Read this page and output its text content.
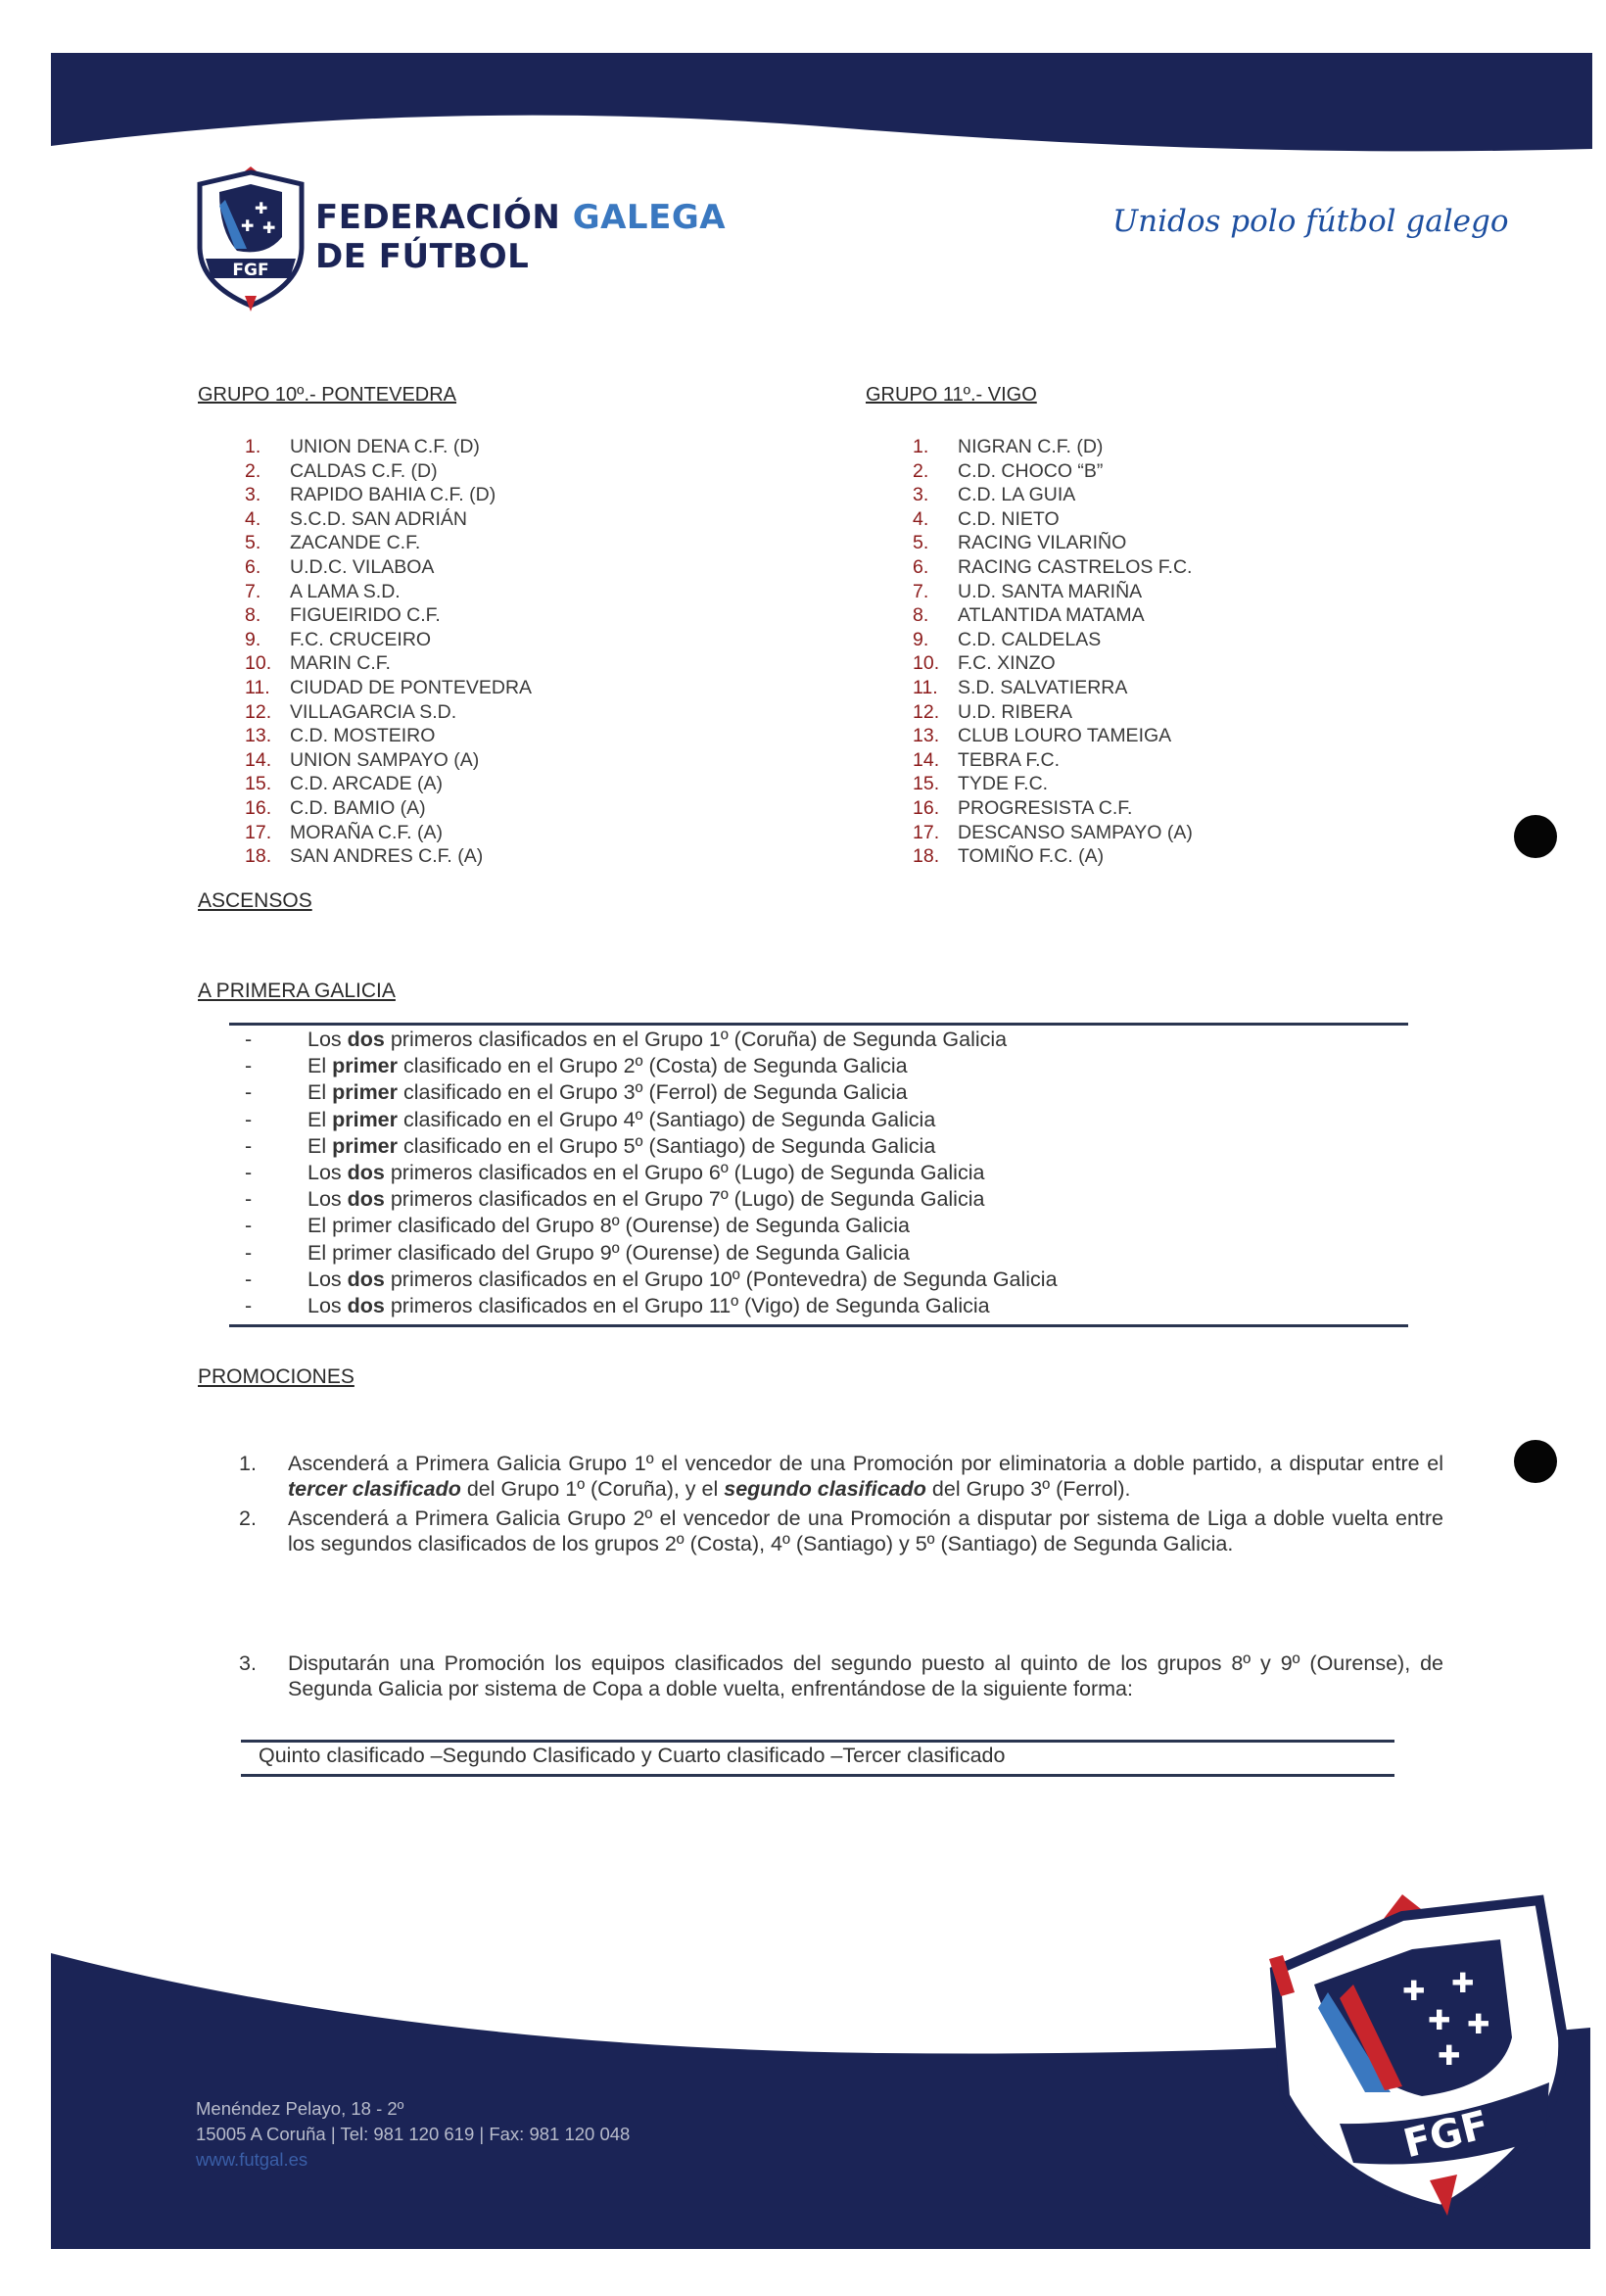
✚
✚ ✚
FGF
FEDERACIÓN GALEGA
DE FÚTBOL
Unidos polo fútbol galego
GRUPO 10º.- PONTEVEDRA
1. UNION DENA C.F. (D)
2. CALDAS C.F. (D)
3. RAPIDO BAHIA C.F. (D)
4. S.C.D. SAN ADRIÁN
5. ZACANDE C.F.
6. U.D.C. VILABOA
7. A LAMA S.D.
8. FIGUEIRIDO C.F.
9. F.C. CRUCEIRO
10. MARIN C.F.
11. CIUDAD DE PONTEVEDRA
12. VILLAGARCIA S.D.
13. C.D. MOSTEIRO
14. UNION SAMPAYO (A)
15. C.D. ARCADE (A)
16. C.D. BAMIO (A)
17. MORAÑA C.F. (A)
18. SAN ANDRES C.F. (A)
GRUPO 11º.- VIGO
1. NIGRAN C.F. (D)
2. C.D. CHOCO “B”
3. C.D. LA GUIA
4. C.D. NIETO
5. RACING VILARIÑO
6. RACING CASTRELOS F.C.
7. U.D. SANTA MARIÑA
8. ATLANTIDA MATAMA
9. C.D. CALDELAS
10. F.C. XINZO
11. S.D. SALVATIERRA
12. U.D. RIBERA
13. CLUB LOURO TAMEIGA
14. TEBRA F.C.
15. TYDE F.C.
16. PROGRESISTA C.F.
17. DESCANSO SAMPAYO (A)
18. TOMIÑO F.C. (A)
ASCENSOS
A PRIMERA GALICIA
-	Los dos primeros clasificados en el Grupo 1º (Coruña) de Segunda Galicia
-	El primer clasificado en el Grupo 2º (Costa) de Segunda Galicia
-	El primer clasificado en el Grupo 3º (Ferrol) de Segunda Galicia
-	El primer clasificado en el Grupo 4º (Santiago) de Segunda Galicia
-	El primer clasificado en el Grupo 5º (Santiago) de Segunda Galicia
-	Los dos primeros clasificados en el Grupo 6º (Lugo) de Segunda Galicia
-	Los dos primeros clasificados en el Grupo 7º (Lugo) de Segunda Galicia
-	El primer clasificado del Grupo 8º (Ourense) de Segunda Galicia
-	El primer clasificado del Grupo 9º (Ourense) de Segunda Galicia
-	Los dos primeros clasificados en el Grupo 10º (Pontevedra) de Segunda Galicia
-	Los dos primeros clasificados en el Grupo 11º (Vigo) de Segunda Galicia
PROMOCIONES
1. Ascenderá a Primera Galicia Grupo 1º el vencedor de una Promoción por eliminatoria a doble partido, a disputar entre el tercer clasificado del Grupo 1º (Coruña), y el segundo clasificado del Grupo 3º (Ferrol).
2. Ascenderá a Primera Galicia Grupo 2º el vencedor de una Promoción a disputar por sistema de Liga a doble vuelta entre los segundos clasificados de los grupos 2º (Costa), 4º (Santiago) y 5º (Santiago) de Segunda Galicia.
3. Disputarán una Promoción los equipos clasificados del segundo puesto al quinto de los grupos 8º y 9º (Ourense), de Segunda Galicia por sistema de Copa a doble vuelta, enfrentándose de la siguiente forma:
Quinto clasificado –Segundo Clasificado y Cuarto clasificado –Tercer clasificado
Menéndez Pelayo, 18 - 2º
15005 A Coruña | Tel: 981 120 619 | Fax: 981 120 048
www.futgal.es
✚ ✚
✚ ✚
✚
FGF
